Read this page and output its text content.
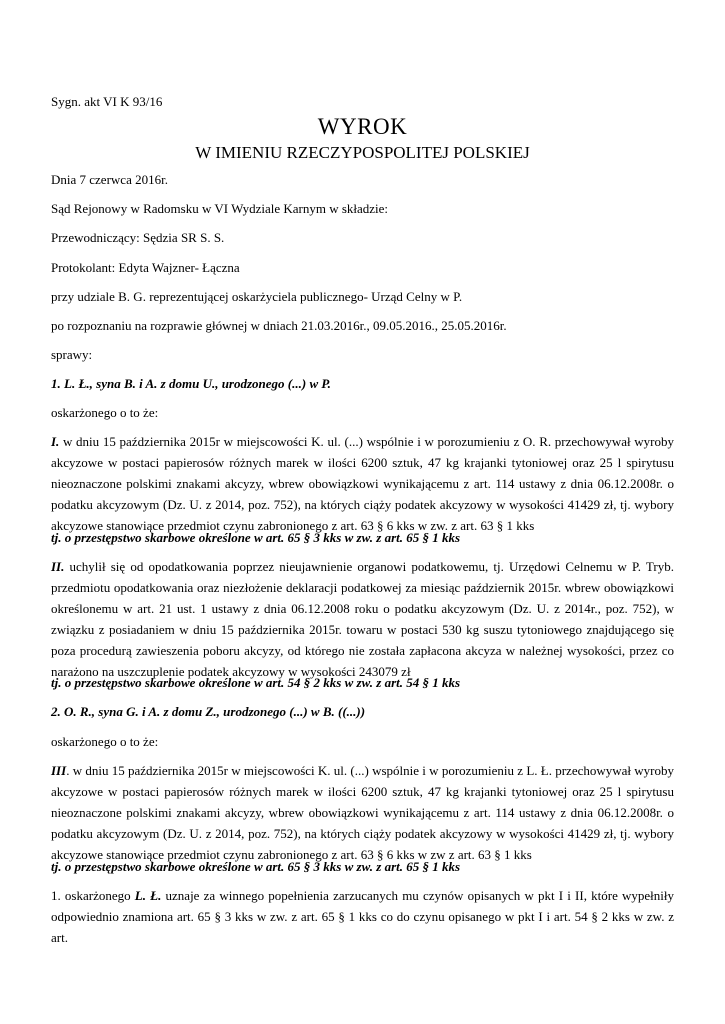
Sygn. akt VI K 93/16
WYROK
W IMIENIU RZECZYPOSPOLITEJ POLSKIEJ
Dnia 7 czerwca 2016r.
Sąd Rejonowy w Radomsku w VI Wydziale Karnym w składzie:
Przewodniczący: Sędzia SR S. S.
Protokolant: Edyta Wajzner- Łączna
przy udziale B. G. reprezentującej oskarżyciela publicznego- Urząd Celny w P.
po rozpoznaniu na rozprawie głównej w dniach 21.03.2016r., 09.05.2016., 25.05.2016r.
sprawy:
1. L. Ł., syna B. i A. z domu U., urodzonego (...) w P.
oskarżonego o to że:
I. w dniu 15 października 2015r w miejscowości K. ul. (...) wspólnie i w porozumieniu z O. R. przechowywał wyroby akcyzowe w postaci papierosów różnych marek w ilości 6200 sztuk, 47 kg krajanki tytoniowej oraz 25 l spirytusu nieoznaczone polskimi znakami akcyzy, wbrew obowiązkowi wynikającemu z art. 114 ustawy z dnia 06.12.2008r. o podatku akcyzowym (Dz. U. z 2014, poz. 752), na których ciąży podatek akcyzowy w wysokości 41429 zł, tj. wybory akcyzowe stanowiące przedmiot czynu zabronionego z art. 63 § 6 kks w zw. z art. 63 § 1 kks
tj. o przestępstwo skarbowe określone w art. 65 § 3 kks w zw. z art. 65 § 1 kks
II. uchylił się od opodatkowania poprzez nieujawnienie organowi podatkowemu, tj. Urzędowi Celnemu w P. Tryb. przedmiotu opodatkowania oraz niezłożenie deklaracji podatkowej za miesiąc październik 2015r. wbrew obowiązkowi określonemu w art. 21 ust. 1 ustawy z dnia 06.12.2008 roku o podatku akcyzowym (Dz. U. z 2014r., poz. 752), w związku z posiadaniem w dniu 15 października 2015r. towaru w postaci 530 kg suszu tytoniowego znajdującego się poza procedurą zawieszenia poboru akcyzy, od którego nie została zapłacona akcyza w należnej wysokości, przez co narażono na uszczuplenie podatek akcyzowy w wysokości 243079 zł
tj. o przestępstwo skarbowe określone w art. 54 § 2 kks w zw. z art. 54 § 1 kks
2. O. R., syna G. i A. z domu Z., urodzonego (...) w B. ((...))
oskarżonego o to że:
III. w dniu 15 października 2015r w miejscowości K. ul. (...) wspólnie i w porozumieniu z L. Ł. przechowywał wyroby akcyzowe w postaci papierosów różnych marek w ilości 6200 sztuk, 47 kg krajanki tytoniowej oraz 25 l spirytusu nieoznaczone polskimi znakami akcyzy, wbrew obowiązkowi wynikającemu z art. 114 ustawy z dnia 06.12.2008r. o podatku akcyzowym (Dz. U. z 2014, poz. 752), na których ciąży podatek akcyzowy w wysokości 41429 zł, tj. wybory akcyzowe stanowiące przedmiot czynu zabronionego z art. 63 § 6 kks w zw z art. 63 § 1 kks
tj. o przestępstwo skarbowe określone w art. 65 § 3 kks w zw. z art. 65 § 1 kks
1. oskarżonego L. Ł. uznaje za winnego popełnienia zarzucanych mu czynów opisanych w pkt I i II, które wypełniły odpowiednio znamiona art. 65 § 3 kks w zw. z art. 65 § 1 kks co do czynu opisanego w pkt I i art. 54 § 2 kks w zw. z art.
